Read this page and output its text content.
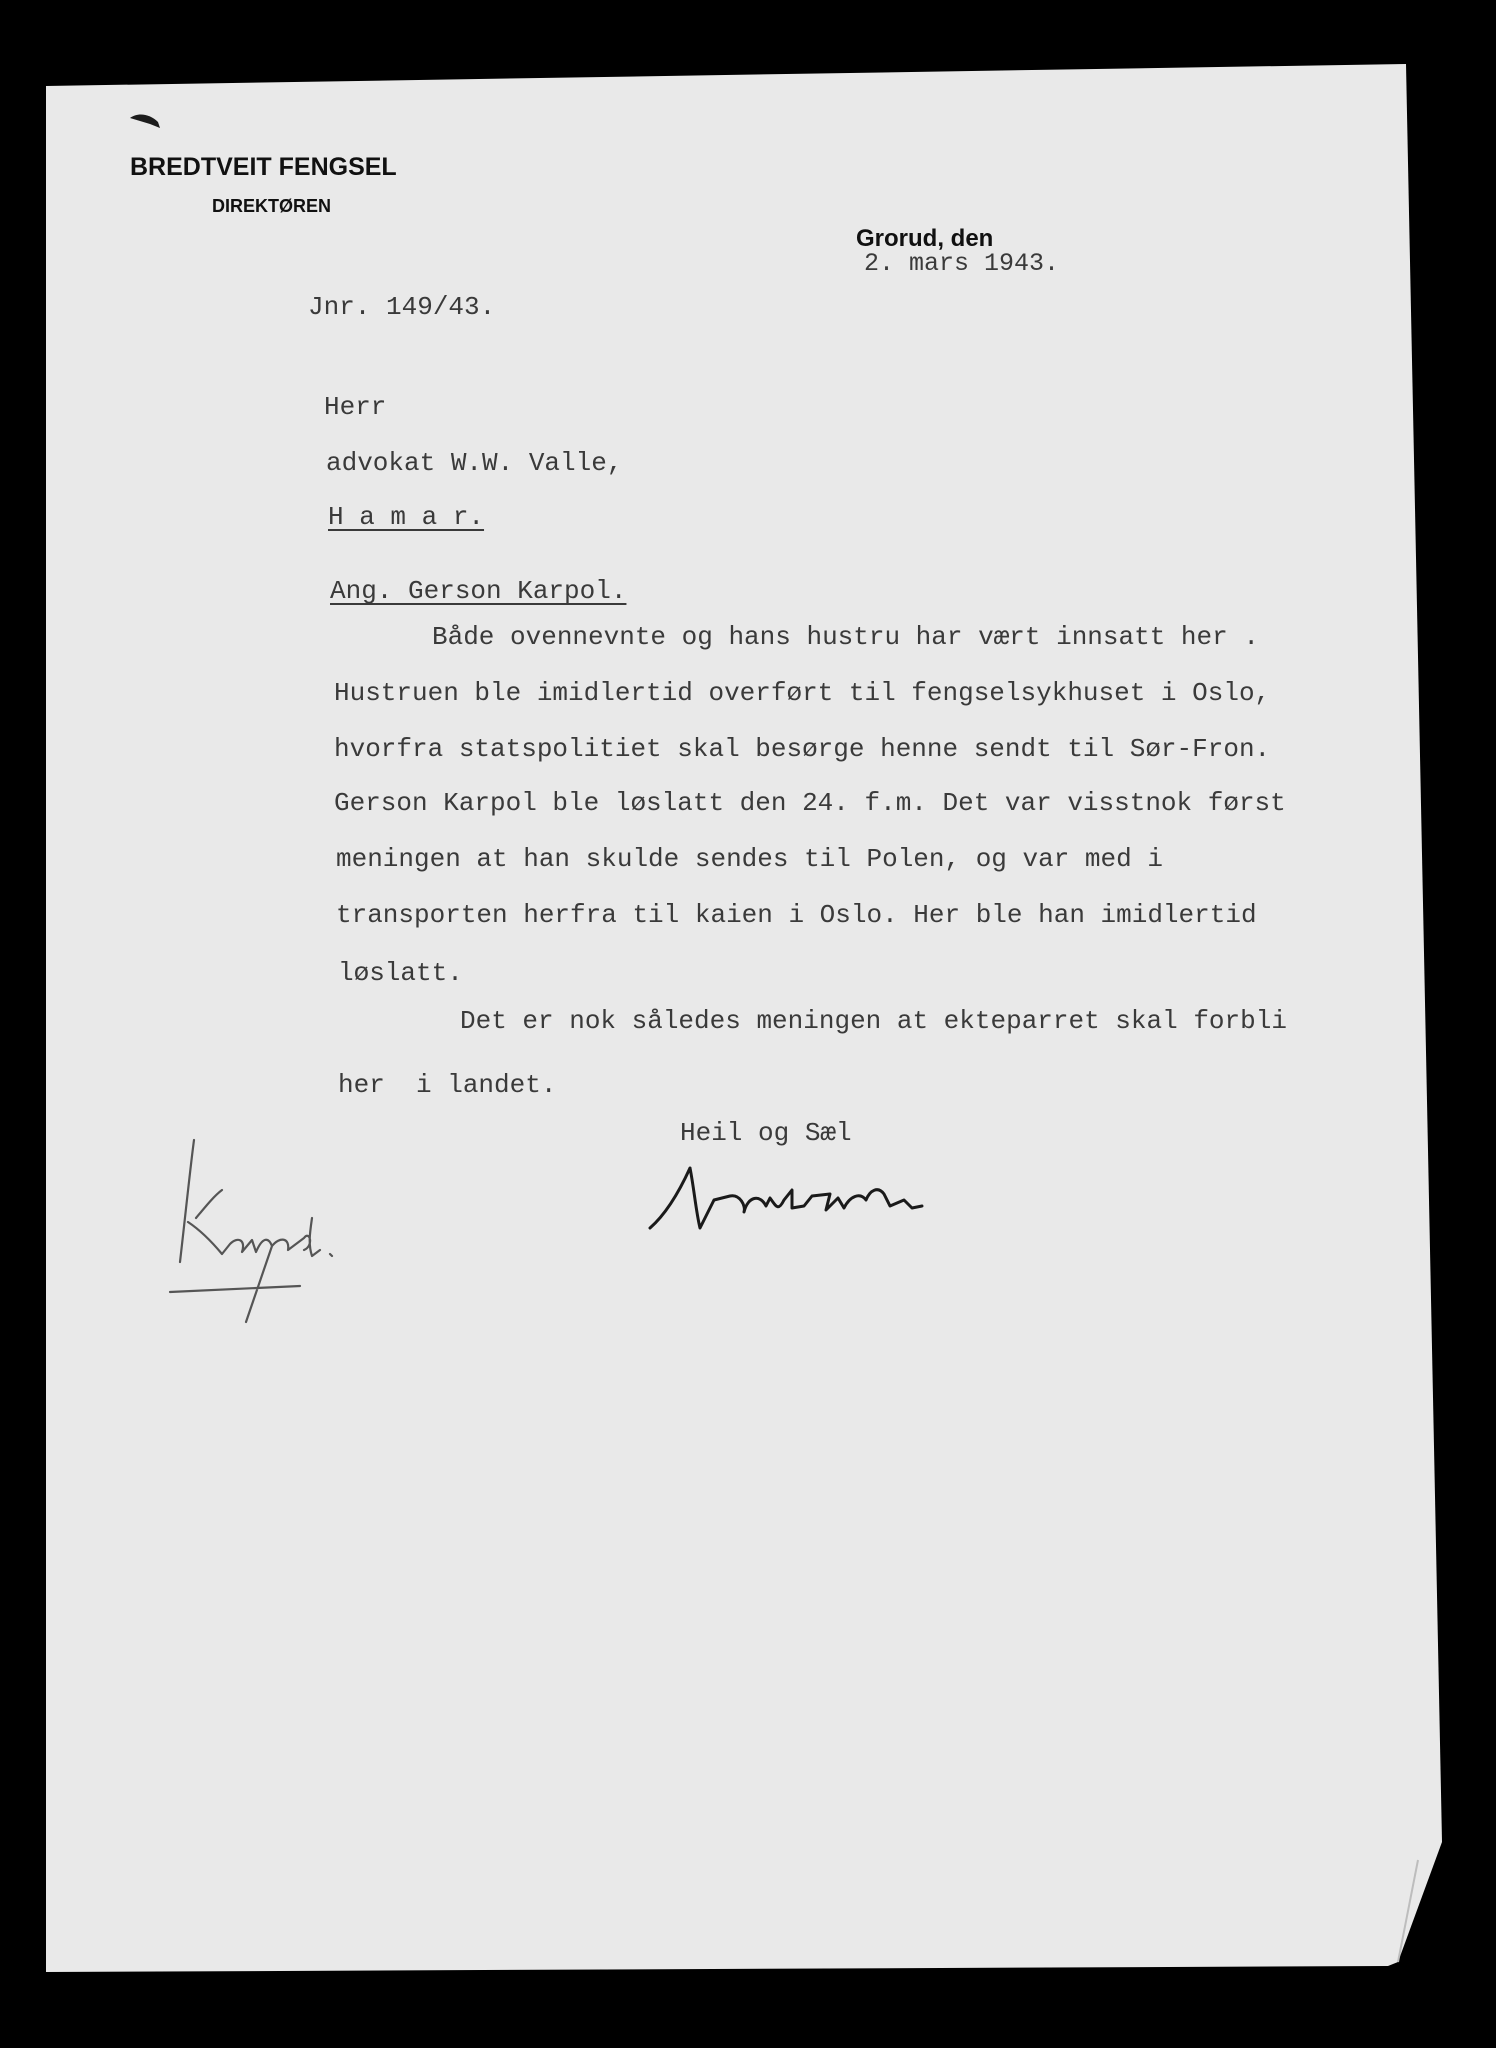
BREDTVEIT FENGSEL

DIREKTØREN

Grorud, den
2. mars 1943.

Jnr. 149/43.

Herr

advokat W.W. Valle,

H a m a r.

Ang. Gerson Karpol.

Både ovennevnte og hans hustru har vært innsatt her .

Hustruen ble imidlertid overført til fengselsykhuset i Oslo,

hvorfra statspolitiet skal besørge henne sendt til Sør-Fron.

Gerson Karpol ble løslatt den 24. f.m. Det var visstnok først

meningen at han skulde sendes til Polen, og var med i

transporten herfra til kaien i Oslo. Her ble han imidlertid

løslatt.

Det er nok således meningen at ekteparret skal forbli

her  i landet.

Heil og Sæl
